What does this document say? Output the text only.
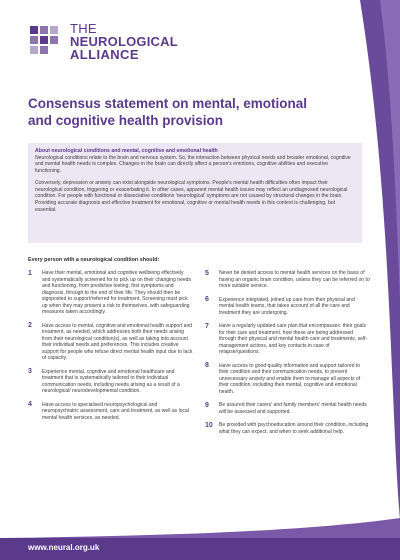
THE
NEUROLOGICAL
ALLIANCE
Consensus statement on mental, emotional
and cognitive health provision
About neurological conditions and mental, cognitive and emotional health

Neurological conditions relate to the brain and nervous system. So, the interaction between physical needs and broader emotional, cognitive and mental health needs is complex. Changes in the brain can directly affect a person's emotions, cognitive abilities and executive functioning.

Conversely, depression or anxiety can exist alongside neurological symptoms. People's mental health difficulties often impact their neurological condition, triggering or exacerbating it. In other cases, apparent mental health issues may reflect an undiagnosed neurological condition. For people with functional or dissociative conditions 'neurological' symptoms are not caused by structural changes in the brain. Providing accurate diagnosis and effective treatment for emotional, cognitive or mental health needs in this context is challenging, but essential.

Every person with a neurological condition should:
1 Have their mental, emotional and cognitive wellbeing effectively and systematically screened for to pick up on their changing needs and functioning, from predictive testing, first symptoms and diagnosis, through to the end of their life. They should then be signposted to support/referred for treatment. Screening must pick up when they may present a risk to themselves, with safeguarding measures taken accordingly.
2 Have access to mental, cognitive and emotional health support and treatment, as needed, which addresses both their needs arising from their neurological condition(s), as well as taking into account their individual needs and preferences. This includes creative support for people who refuse direct mental health input due to lack of capacity.
3 Experience mental, cognitive and emotional healthcare and treatment that is systematically tailored to their individual communication needs, including needs arising as a result of a neurological/ neurodevelopmental condition.
4 Have access to specialised neuropsychological and neuropsychiatric assessment, care and treatment, as well as local mental health services, as needed.
5 Never be denied access to mental health services on the basis of having an organic brain condition, unless they can be referred on to more suitable service.
6 Experience integrated, joined up care from their physical and mental health teams, that takes account of all the care and treatment they are undergoing.
7 Have a regularly updated care plan that encompasses: their goals for their care and treatment, how these are being addressed through their physical and mental health care and treatments, self-management actions, and key contacts in case of relapse/questions.
8 Have access to good quality information and support tailored to their condition and their communication needs, to prevent unnecessary anxiety and enable them to manage all aspects of their condition, including their mental, cognitive and emotional health.
9 Be assured their carers' and family members' mental health needs will be assessed and supported.
10 Be provided with psychoeducation around their condition, including what they can expect, and when to seek additional help.
www.neural.org.uk
